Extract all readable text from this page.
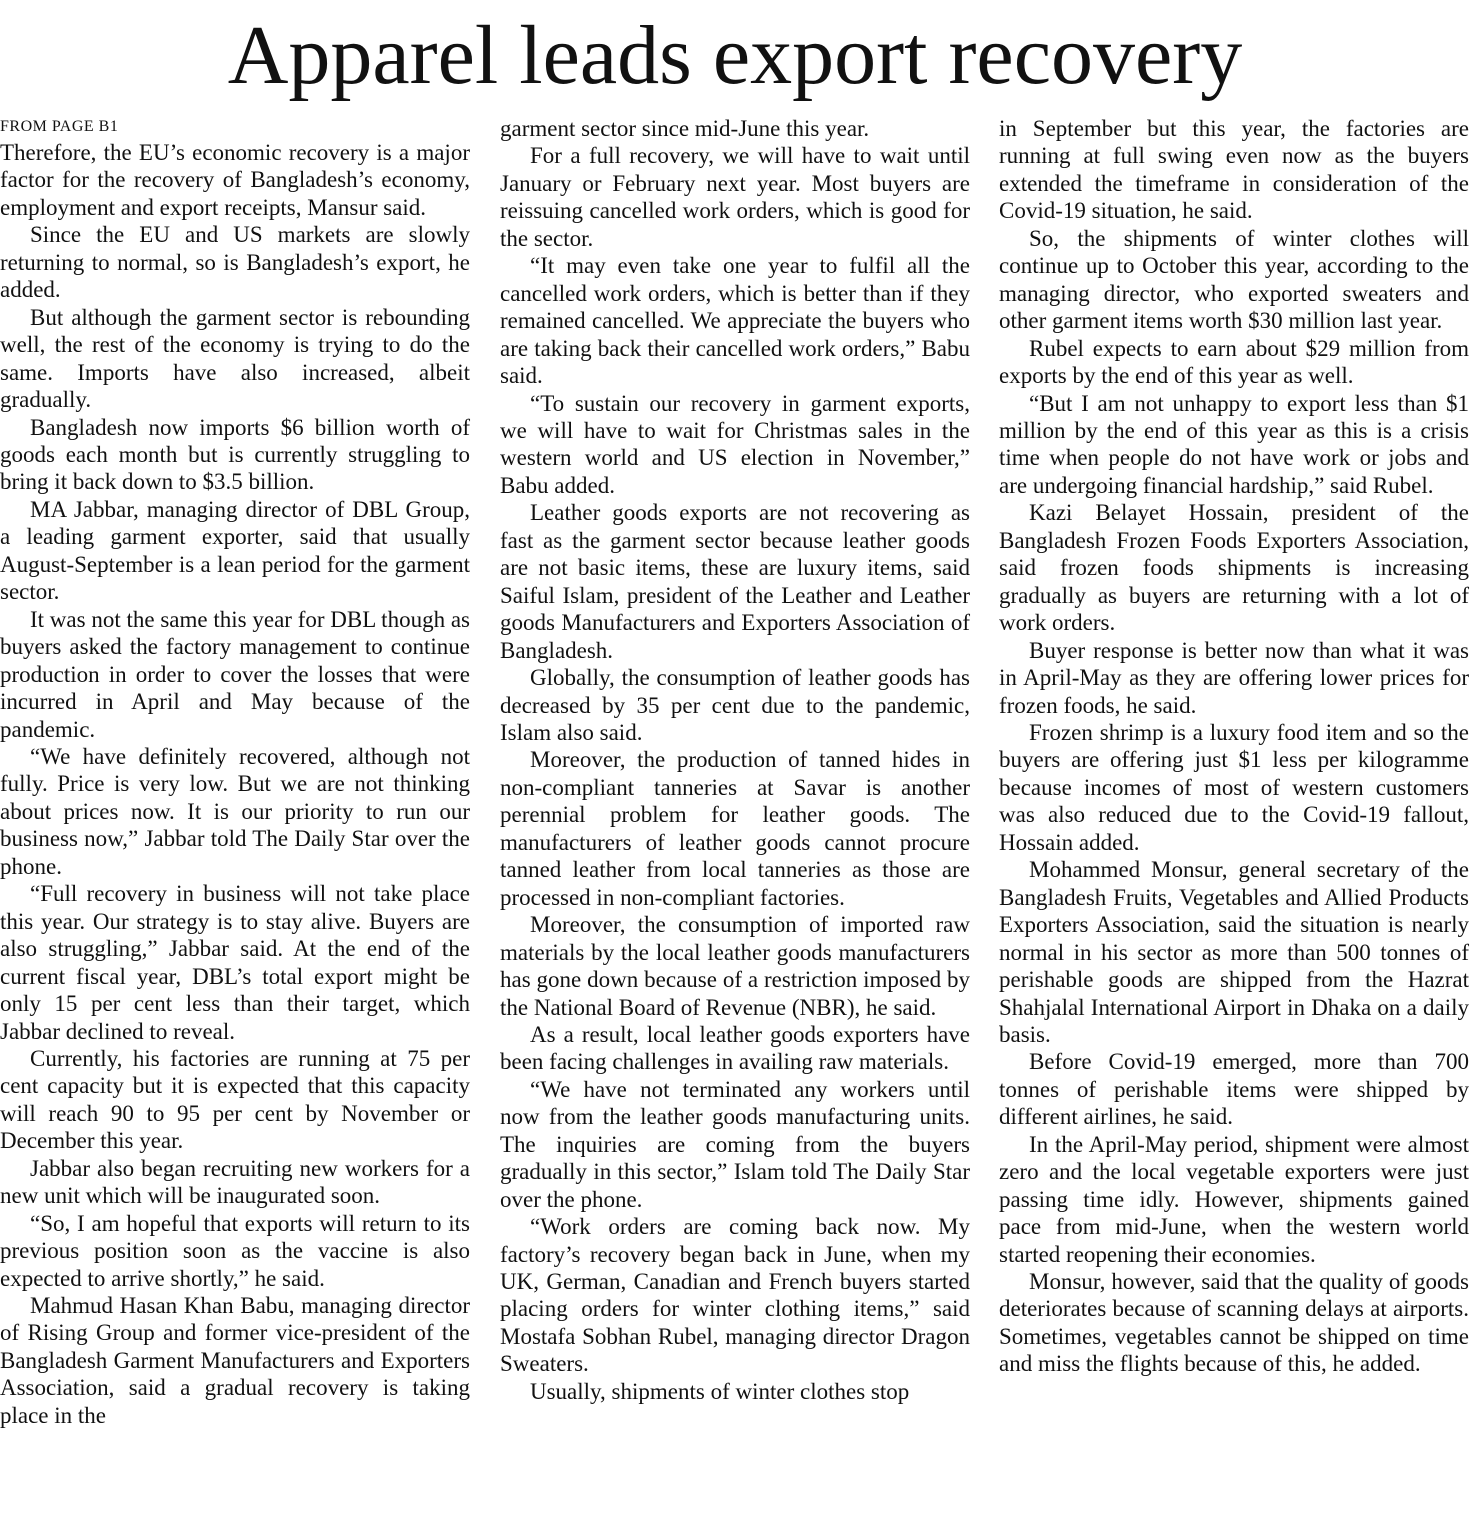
Apparel leads export recovery
FROM PAGE B1

Therefore, the EU’s economic recovery is a major factor for the recovery of Bangladesh’s economy, employment and export receipts, Mansur said.

Since the EU and US markets are slowly returning to normal, so is Bangladesh’s export, he added.

But although the garment sector is rebounding well, the rest of the economy is trying to do the same. Imports have also increased, albeit gradually.

Bangladesh now imports $6 billion worth of goods each month but is currently struggling to bring it back down to $3.5 billion.

MA Jabbar, managing director of DBL Group, a leading garment exporter, said that usually August-September is a lean period for the garment sector.

It was not the same this year for DBL though as buyers asked the factory management to continue production in order to cover the losses that were incurred in April and May because of the pandemic.

“We have definitely recovered, although not fully. Price is very low. But we are not thinking about prices now. It is our priority to run our business now,” Jabbar told The Daily Star over the phone.

“Full recovery in business will not take place this year. Our strategy is to stay alive. Buyers are also struggling,” Jabbar said. At the end of the current fiscal year, DBL’s total export might be only 15 per cent less than their target, which Jabbar declined to reveal.

Currently, his factories are running at 75 per cent capacity but it is expected that this capacity will reach 90 to 95 per cent by November or December this year.

Jabbar also began recruiting new workers for a new unit which will be inaugurated soon.

“So, I am hopeful that exports will return to its previous position soon as the vaccine is also expected to arrive shortly,” he said.

Mahmud Hasan Khan Babu, managing director of Rising Group and former vice-president of the Bangladesh Garment Manufacturers and Exporters Association, said a gradual recovery is taking place in the

garment sector since mid-June this year.

For a full recovery, we will have to wait until January or February next year. Most buyers are reissuing cancelled work orders, which is good for the sector.

“It may even take one year to fulfil all the cancelled work orders, which is better than if they remained cancelled. We appreciate the buyers who are taking back their cancelled work orders,” Babu said.

“To sustain our recovery in garment exports, we will have to wait for Christmas sales in the western world and US election in November,” Babu added.

Leather goods exports are not recovering as fast as the garment sector because leather goods are not basic items, these are luxury items, said Saiful Islam, president of the Leather and Leather goods Manufacturers and Exporters Association of Bangladesh.

Globally, the consumption of leather goods has decreased by 35 per cent due to the pandemic, Islam also said.

Moreover, the production of tanned hides in non-compliant tanneries at Savar is another perennial problem for leather goods. The manufacturers of leather goods cannot procure tanned leather from local tanneries as those are processed in non-compliant factories.

Moreover, the consumption of imported raw materials by the local leather goods manufacturers has gone down because of a restriction imposed by the National Board of Revenue (NBR), he said.

As a result, local leather goods exporters have been facing challenges in availing raw materials.

“We have not terminated any workers until now from the leather goods manufacturing units. The inquiries are coming from the buyers gradually in this sector,” Islam told The Daily Star over the phone.

“Work orders are coming back now. My factory’s recovery began back in June, when my UK, German, Canadian and French buyers started placing orders for winter clothing items,” said Mostafa Sobhan Rubel, managing director Dragon Sweaters.

Usually, shipments of winter clothes stop

in September but this year, the factories are running at full swing even now as the buyers extended the timeframe in consideration of the Covid-19 situation, he said.

So, the shipments of winter clothes will continue up to October this year, according to the managing director, who exported sweaters and other garment items worth $30 million last year.

Rubel expects to earn about $29 million from exports by the end of this year as well.

“But I am not unhappy to export less than $1 million by the end of this year as this is a crisis time when people do not have work or jobs and are undergoing financial hardship,” said Rubel.

Kazi Belayet Hossain, president of the Bangladesh Frozen Foods Exporters Association, said frozen foods shipments is increasing gradually as buyers are returning with a lot of work orders.

Buyer response is better now than what it was in April-May as they are offering lower prices for frozen foods, he said.

Frozen shrimp is a luxury food item and so the buyers are offering just $1 less per kilogramme because incomes of most of western customers was also reduced due to the Covid-19 fallout, Hossain added.

Mohammed Monsur, general secretary of the Bangladesh Fruits, Vegetables and Allied Products Exporters Association, said the situation is nearly normal in his sector as more than 500 tonnes of perishable goods are shipped from the Hazrat Shahjalal International Airport in Dhaka on a daily basis.

Before Covid-19 emerged, more than 700 tonnes of perishable items were shipped by different airlines, he said.

In the April-May period, shipment were almost zero and the local vegetable exporters were just passing time idly. However, shipments gained pace from mid-June, when the western world started reopening their economies.

Monsur, however, said that the quality of goods deteriorates because of scanning delays at airports. Sometimes, vegetables cannot be shipped on time and miss the flights because of this, he added.
